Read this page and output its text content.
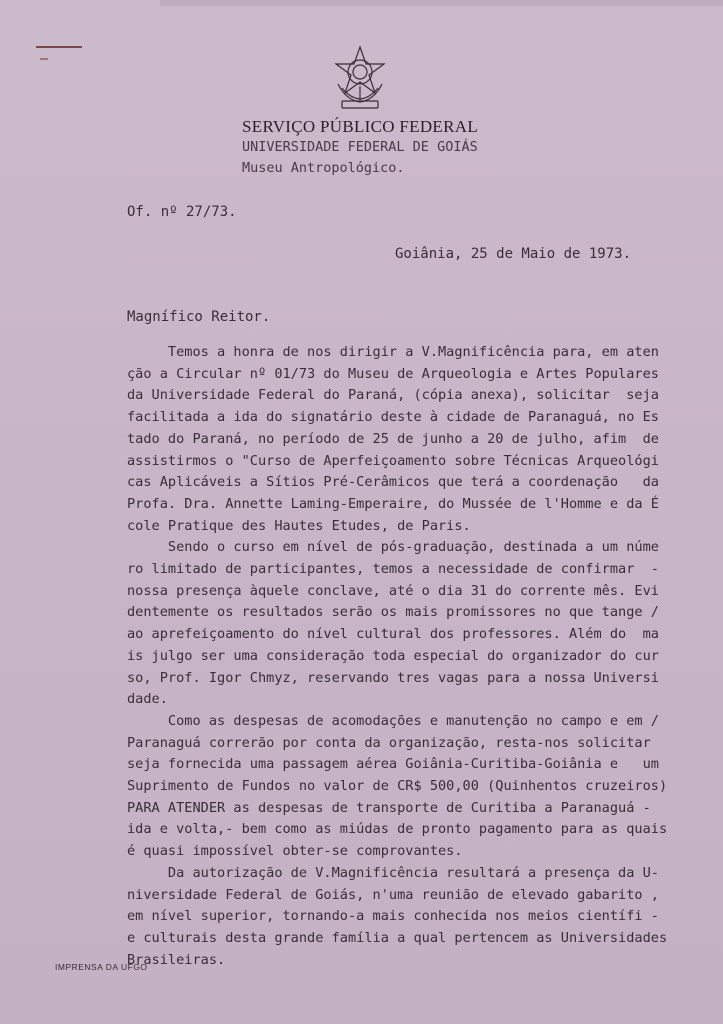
SERVIÇO PÚBLICO FEDERAL
UNIVERSIDADE FEDERAL DE GOIÁS
Museu Antropológico.
Of. nº 27/73.
Goiânia, 25 de Maio de 1973.
Magnífico Reitor.
Temos a honra de nos dirigir a V.Magnificência para, em aten
ção a Circular nº 01/73 do Museu de Arqueologia e Artes Populares
da Universidade Federal do Paraná, (cópia anexa), solicitar  seja
facilitada a ida do signatário deste à cidade de Paranaguá, no Es
tado do Paraná, no período de 25 de junho a 20 de julho, afim  de
assistirmos o "Curso de Aperfeiçoamento sobre Técnicas Arqueológi
cas Aplicáveis a Sítios Pré-Cerâmicos que terá a coordenação   da
Profa. Dra. Annette Laming-Emperaire, do Mussée de l'Homme e da É
cole Pratique des Hautes Etudes, de Paris.
Sendo o curso em nível de pós-graduação, destinada a um núme
ro limitado de participantes, temos a necessidade de confirmar  -
nossa presença àquele conclave, até o dia 31 do corrente mês. Evi
dentemente os resultados serão os mais promissores no que tange /
ao aprefeiçoamento do nível cultural dos professores. Além do  ma
is julgo ser uma consideração toda especial do organizador do cur
so, Prof. Igor Chmyz, reservando tres vagas para a nossa Universi
dade.
Como as despesas de acomodações e manutenção no campo e em /
Paranaguá correrão por conta da organização, resta-nos solicitar
seja fornecida uma passagem aérea Goiânia-Curitiba-Goiânia e   um
Suprimento de Fundos no valor de CR$ 500,00 (Quinhentos cruzeiros)
PARA ATENDER as despesas de transporte de Curitiba a Paranaguá -
ida e volta,- bem como as miúdas de pronto pagamento para as quais
é quasi impossível obter-se comprovantes.
Da autorização de V.Magnificência resultará a presença da U-
niversidade Federal de Goiás, n'uma reunião de elevado gabarito ,
em nível superior, tornando-a mais conhecida nos meios científi -
e culturais desta grande família a qual pertencem as Universidades
Brasileiras.
IMPRENSA DA UFGO
